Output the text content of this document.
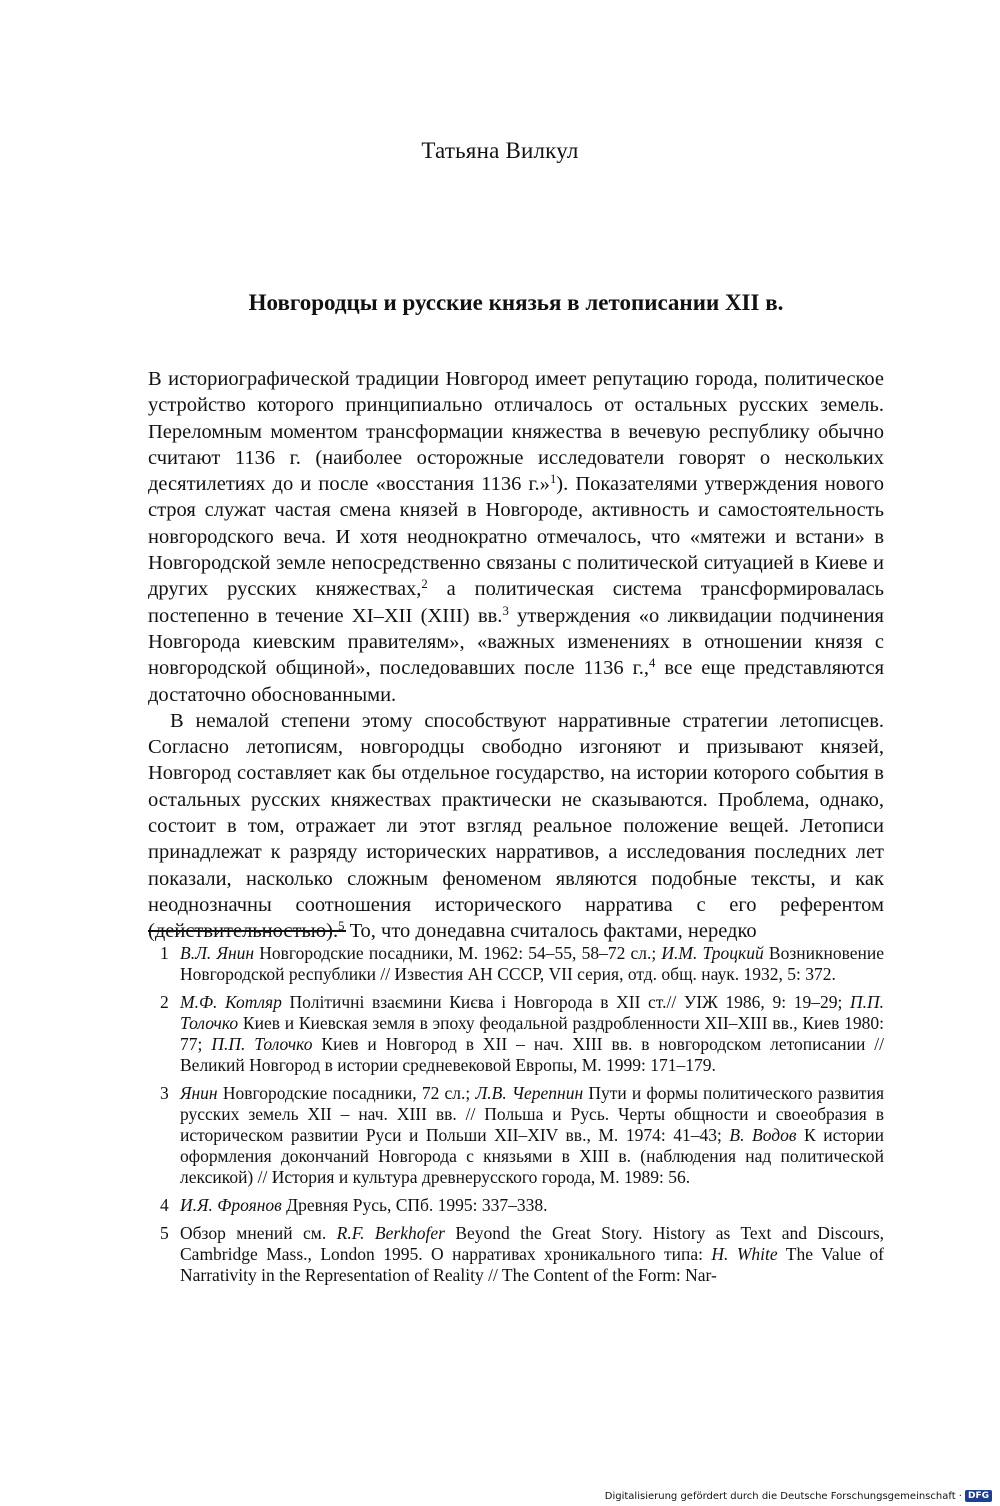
Татьяна Вилкул
Новгородцы и русские князья в летописании XII в.

В историографической традиции Новгород имеет репутацию города, политическое устройство которого принципиально отличалось от остальных русских земель. Переломным моментом трансформации княжества в вечевую республику обычно считают 1136 г. (наиболее осторожные исследователи говорят о нескольких десятилетиях до и после «восстания 1136 г.»$^1$). Показателями утверждения нового строя служат частая смена князей в Новгороде, активность и самостоятельность новгородского веча. И хотя неоднократно отмечалось, что «мятежи и встани» в Новгородской земле непосредственно связаны с политической ситуацией в Киеве и других русских княжествах,$^2$ а политическая система трансформировалась постепенно в течение XI–XII (XIII) вв.$^3$ утверждения «о ликвидации подчинения Новгорода киевским правителям», «важных изменениях в отношении князя с новгородской общиной», последовавших после 1136 г.,$^4$ все еще представляются достаточно обоснованными.

В немалой степени этому способствуют нарративные стратегии летописцев. Согласно летописям, новгородцы свободно изгоняют и призывают князей, Новгород составляет как бы отдельное государство, на истории которого события в остальных русских княжествах практически не сказываются. Проблема, однако, состоит в том, отражает ли этот взгляд реальное положение вещей. Летописи принадлежат к разряду исторических нарративов, а исследования последних лет показали, насколько сложным феноменом являются подобные тексты, и как неоднозначны соотношения исторического нарратива с его референтом (действительностью).$^5$ То, что донедавна считалось фактами, нередко

1 В.Л. Янин Новгородские посадники, М. 1962: 54–55, 58–72 сл.; И.М. Троцкий Возникновение Новгородской республики // Известия АН СССР, VII серия, отд. общ. наук. 1932, 5: 372.
2 М.Ф. Котляр Політичні взаємини Києва і Новгорода в XII ст.// УІЖ 1986, 9: 19–29; П.П. Толочко Киев и Киевская земля в эпоху феодальной раздробленности XII–XIII вв., Киев 1980: 77; П.П. Толочко Киев и Новгород в XII – нач. XIII вв. в новгородском летописании // Великий Новгород в истории средневековой Европы, М. 1999: 171–179.
3 Янин Новгородские посадники, 72 сл.; Л.В. Черепнин Пути и формы политического развития русских земель XII – нач. XIII вв. // Польша и Русь. Черты общности и своеобразия в историческом развитии Руси и Польши XII–XIV вв., М. 1974: 41–43; В. Водов К истории оформления докончаний Новгорода с князьями в XIII в. (наблюдения над политической лексикой) // История и культура древнерусского города, М. 1989: 56.
4 И.Я. Фроянов Древняя Русь, СПб. 1995: 337–338.
5 Обзор мнений см. R.F. Berkhofer Beyond the Great Story. History as Text and Discours, Cambridge Mass., London 1995. О нарративах хроникального типа: H. White The Value of Narrativity in the Representation of Reality // The Content of the Form: Nar-
Digitalisierung gefördert durch die Deutsche Forschungsgemeinschaft · DFG
